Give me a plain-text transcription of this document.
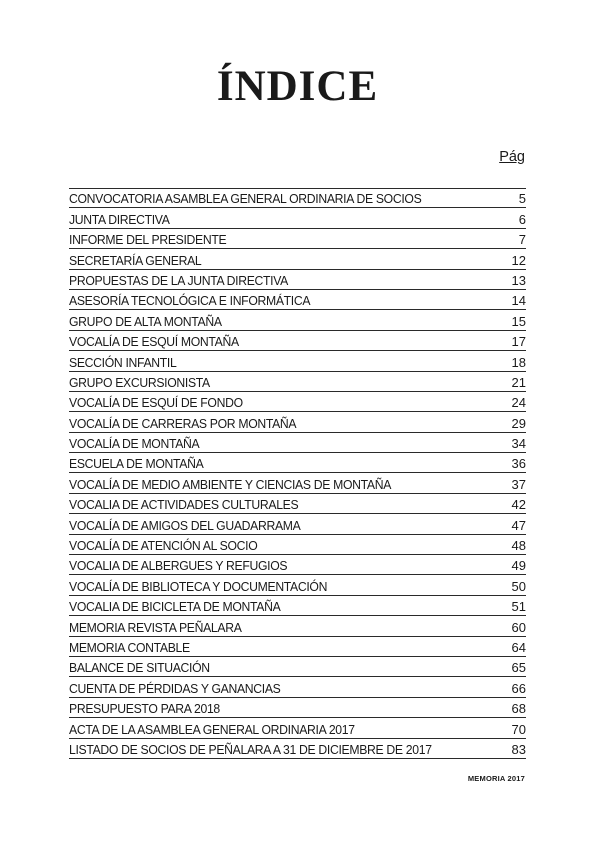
ÍNDICE
Pág
CONVOCATORIA ASAMBLEA GENERAL ORDINARIA DE SOCIOS	5
JUNTA DIRECTIVA	6
INFORME DEL PRESIDENTE	7
SECRETARÍA GENERAL	12
PROPUESTAS DE LA JUNTA DIRECTIVA	13
ASESORÍA TECNOLÓGICA E INFORMÁTICA	14
GRUPO DE ALTA MONTAÑA	15
VOCALÍA DE ESQUÍ MONTAÑA	17
SECCIÓN INFANTIL	18
GRUPO EXCURSIONISTA	21
VOCALÍA DE ESQUÍ DE FONDO	24
VOCALÍA DE CARRERAS POR MONTAÑA	29
VOCALÍA DE MONTAÑA	34
ESCUELA DE MONTAÑA	36
VOCALÍA DE MEDIO AMBIENTE Y CIENCIAS DE MONTAÑA	37
VOCALIA DE ACTIVIDADES CULTURALES	42
VOCALÍA DE AMIGOS DEL GUADARRAMA	47
VOCALÍA DE ATENCIÓN AL SOCIO	48
VOCALIA DE ALBERGUES Y REFUGIOS	49
VOCALÍA DE BIBLIOTECA Y DOCUMENTACIÓN	50
VOCALIA DE BICICLETA DE MONTAÑA	51
MEMORIA REVISTA PEÑALARA	60
MEMORIA CONTABLE	64
BALANCE DE SITUACIÓN	65
CUENTA DE PÉRDIDAS Y GANANCIAS	66
PRESUPUESTO PARA 2018	68
ACTA DE LA ASAMBLEA GENERAL ORDINARIA 2017	70
LISTADO DE SOCIOS DE PEÑALARA A 31 DE DICIEMBRE DE 2017	83
MEMORIA 2017
